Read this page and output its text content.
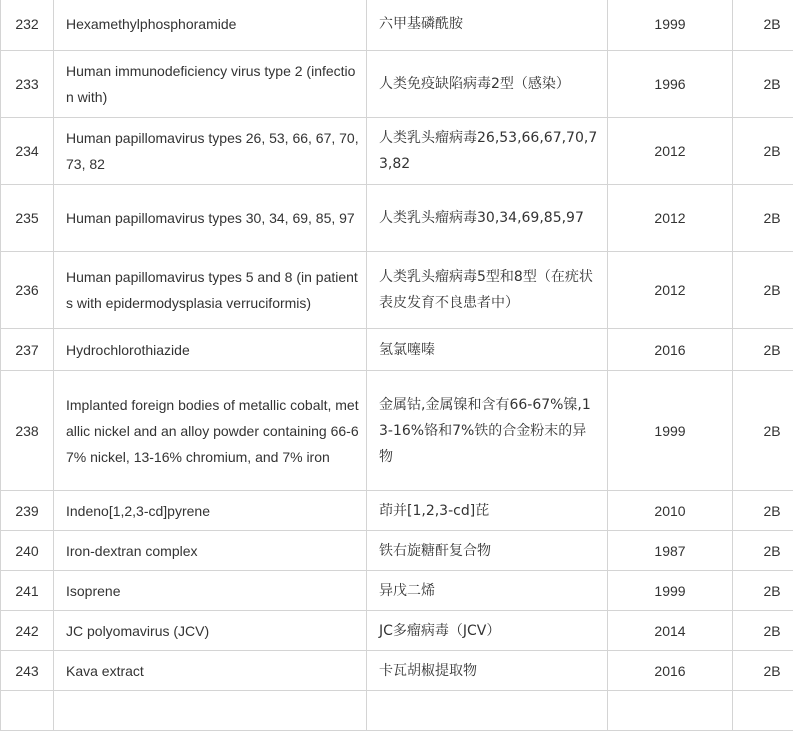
232	Hexamethylphosphoramide	六甲基磷酰胺	1999	2B
233	Human immunodeficiency virus type 2 (infection with)	人类免疫缺陷病毒2型（感染）	1996	2B
234	Human papillomavirus types 26, 53, 66, 67, 70, 73, 82	人类乳头瘤病毒26,53,66,67,70,73,82	2012	2B
235	Human papillomavirus types 30, 34, 69, 85, 97	人类乳头瘤病毒30,34,69,85,97	2012	2B
236	Human papillomavirus types 5 and 8 (in patients with epidermodysplasia verruciformis)	人类乳头瘤病毒5型和8型（在疣状表皮发育不良患者中）	2012	2B
237	Hydrochlorothiazide	氢氯噻嗪	2016	2B
238	Implanted foreign bodies of metallic cobalt, metallic nickel and an alloy powder containing 66-67% nickel, 13-16% chromium, and 7% iron	金属钴,金属镍和含有66-67%镍,13-16%铬和7%铁的合金粉末的异物	1999	2B
239	Indeno[1,2,3-cd]pyrene	茚并[1,2,3-cd]芘	2010	2B
240	Iron-dextran complex	铁右旋糖酐复合物	1987	2B
241	Isoprene	异戊二烯	1999	2B
242	JC polyomavirus (JCV)	JC多瘤病毒（JCV）	2014	2B
243	Kava extract	卡瓦胡椒提取物	2016	2B
